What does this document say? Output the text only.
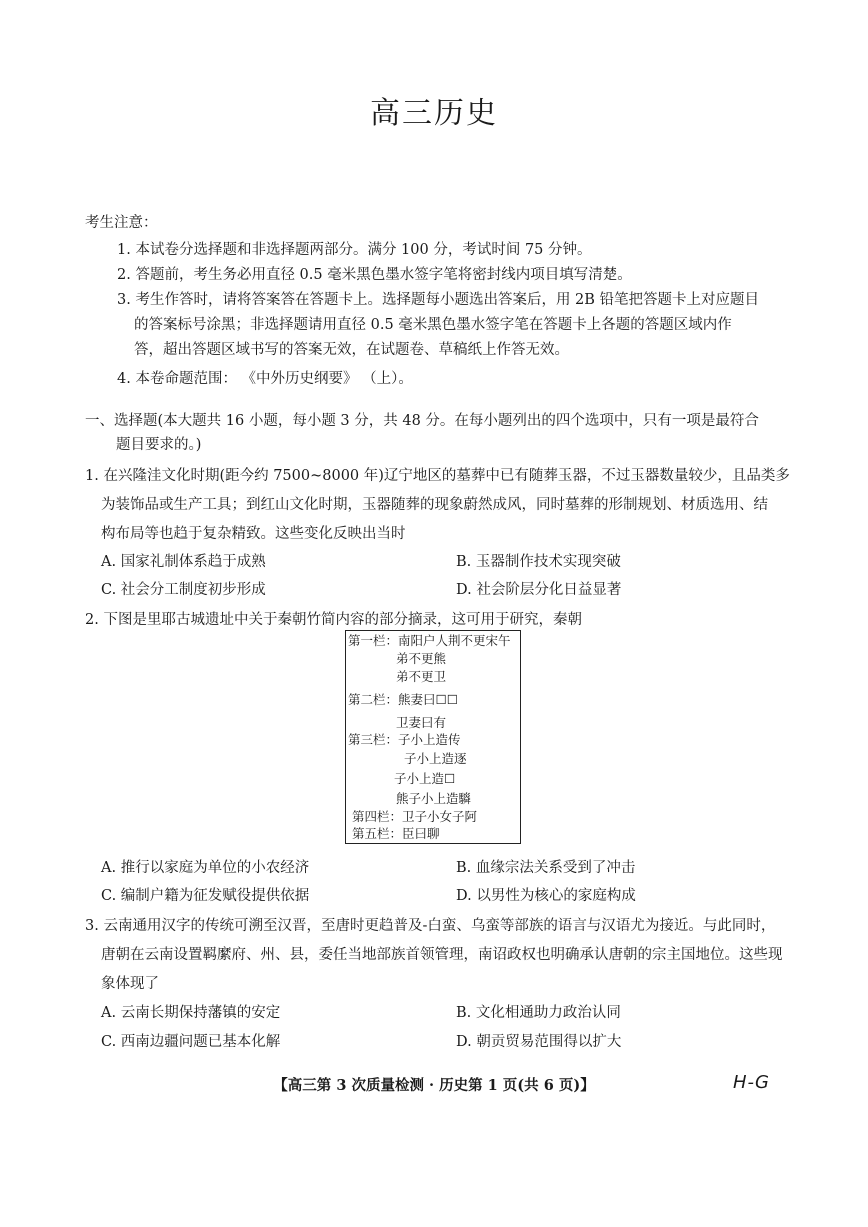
高三历史
考生注意：
1. 本试卷分选择题和非选择题两部分。满分 100 分，考试时间 75 分钟。
2. 答题前，考生务必用直径 0.5 毫米黑色墨水签字笔将密封线内项目填写清楚。
3. 考生作答时，请将答案答在答题卡上。选择题每小题选出答案后，用 2B 铅笔把答题卡上对应题目
的答案标号涂黑；非选择题请用直径 0.5 毫米黑色墨水签字笔在答题卡上各题的答题区域内作
答，超出答题区域书写的答案无效，在试题卷、草稿纸上作答无效。
4. 本卷命题范围： 《中外历史纲要》 （上）。
一、选择题(本大题共 16 小题，每小题 3 分，共 48 分。在每小题列出的四个选项中，只有一项是最符合
题目要求的。)
1. 在兴隆洼文化时期(距今约 7500~8000 年)辽宁地区的墓葬中已有随葬玉器，不过玉器数量较少，且品类多
为装饰品或生产工具；到红山文化时期，玉器随葬的现象蔚然成风，同时墓葬的形制规划、材质选用、结
构布局等也趋于复杂精致。这些变化反映出当时
A. 国家礼制体系趋于成熟	B. 玉器制作技术实现突破
C. 社会分工制度初步形成	D. 社会阶层分化日益显著
2. 下图是里耶古城遗址中关于秦朝竹简内容的部分摘录，这可用于研究，秦朝
第一栏：南阳户人荆不更宋午
弟不更熊
弟不更卫
第二栏：熊妻曰☐☐
卫妻曰有
第三栏：子小上造传
子小上造逐
子小上造☐
熊子小上造䮼
第四栏：卫子小女子阿
第五栏：臣曰聊
A. 推行以家庭为单位的小农经济	B. 血缘宗法关系受到了冲击
C. 编制户籍为征发赋役提供依据	D. 以男性为核心的家庭构成
3. 云南通用汉字的传统可溯至汉晋，至唐时更趋普及-白蛮、乌蛮等部族的语言与汉语尤为接近。与此同时，
唐朝在云南设置羁縻府、州、县，委任当地部族首领管理，南诏政权也明确承认唐朝的宗主国地位。这些现
象体现了
A. 云南长期保持藩镇的安定	B. 文化相通助力政治认同
C. 西南边疆问题已基本化解	D. 朝贡贸易范围得以扩大
【高三第 3 次质量检测 · 历史第 1 页(共 6 页)】	H-G
